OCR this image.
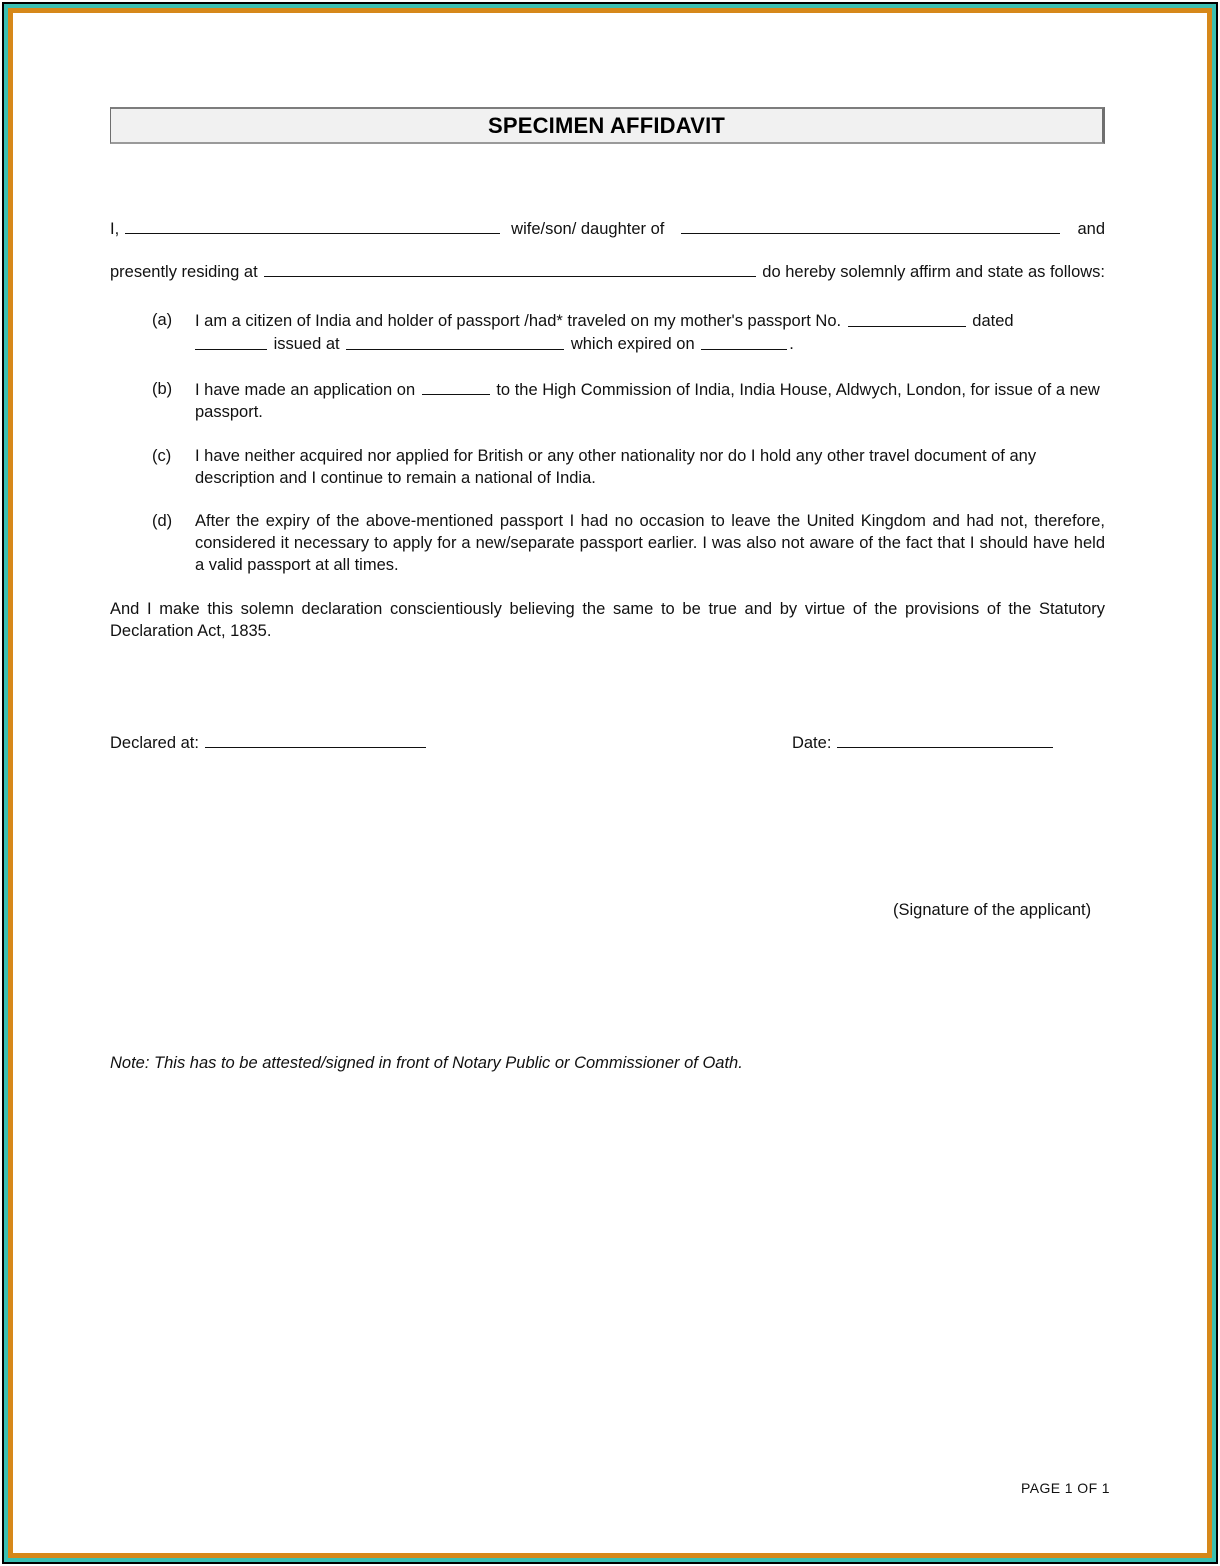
SPECIMEN AFFIDAVIT
I,	wife/son/ daughter of	and
presently residing at	do hereby solemnly affirm and state as follows:
(a)	I am a citizen of India and holder of passport /had* traveled on my mother's passport No.	dated
issued at	which expired on	.
(b)	I have made an application on	to the High Commission of India, India House, Aldwych, London, for issue of a new passport.
(c)	I have neither acquired nor applied for British or any other nationality nor do I hold any other travel document of any description and I continue to remain a national of India.
(d)	After the expiry of the above-mentioned passport I had no occasion to leave the United Kingdom and had not, therefore, considered it necessary to apply for a new/separate passport earlier. I was also not aware of the fact that I should have held a valid passport at all times.
And I make this solemn declaration conscientiously believing the same to be true and by virtue of the provisions of the Statutory Declaration Act, 1835.
Declared at:	Date:
(Signature of the applicant)
Note: This has to be attested/signed in front of Notary Public or Commissioner of Oath.
PAGE 1 OF 1
